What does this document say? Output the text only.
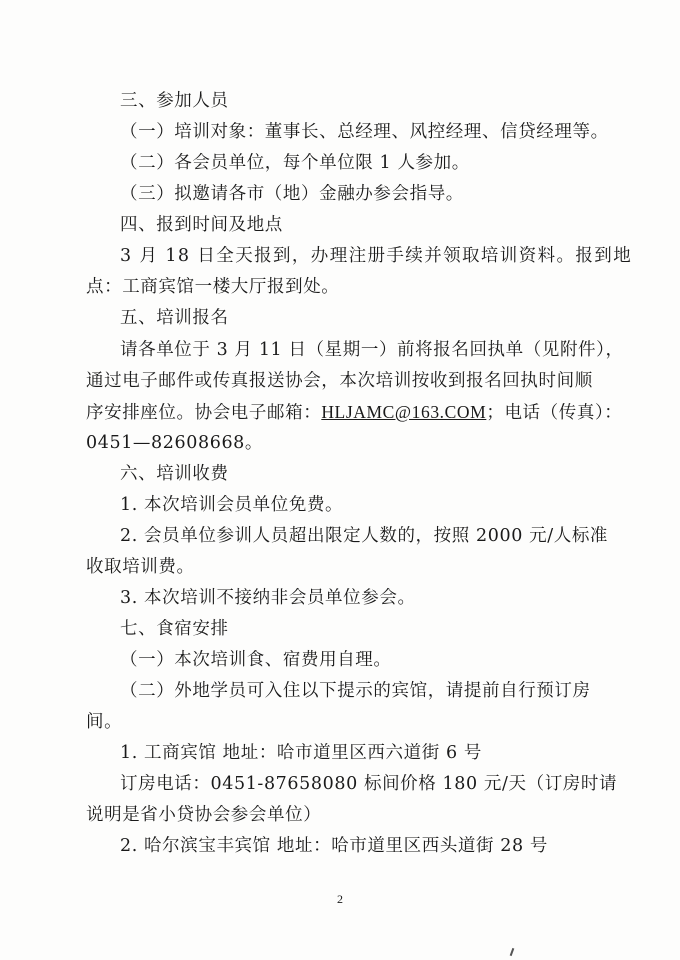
三、参加人员
（一）培训对象：董事长、总经理、风控经理、信贷经理等。
（二）各会员单位，每个单位限 1 人参加。
（三）拟邀请各市（地）金融办参会指导。
四、报到时间及地点
3 月 18 日全天报到，办理注册手续并领取培训资料。报到地
点：工商宾馆一楼大厅报到处。
五、培训报名
请各单位于 3 月 11 日（星期一）前将报名回执单（见附件），
通过电子邮件或传真报送协会，本次培训按收到报名回执时间顺
序安排座位。协会电子邮箱：HLJAMC@163.COM；电话（传真）：
0451—82608668。
六、培训收费
1. 本次培训会员单位免费。
2. 会员单位参训人员超出限定人数的，按照 2000 元/人标准
收取培训费。
3. 本次培训不接纳非会员单位参会。
七、食宿安排
（一）本次培训食、宿费用自理。
（二）外地学员可入住以下提示的宾馆，请提前自行预订房
间。
1. 工商宾馆 地址：哈市道里区西六道街 6 号
订房电话：0451-87658080 标间价格 180 元/天（订房时请
说明是省小贷协会参会单位）
2. 哈尔滨宝丰宾馆 地址：哈市道里区西头道街 28 号
2
